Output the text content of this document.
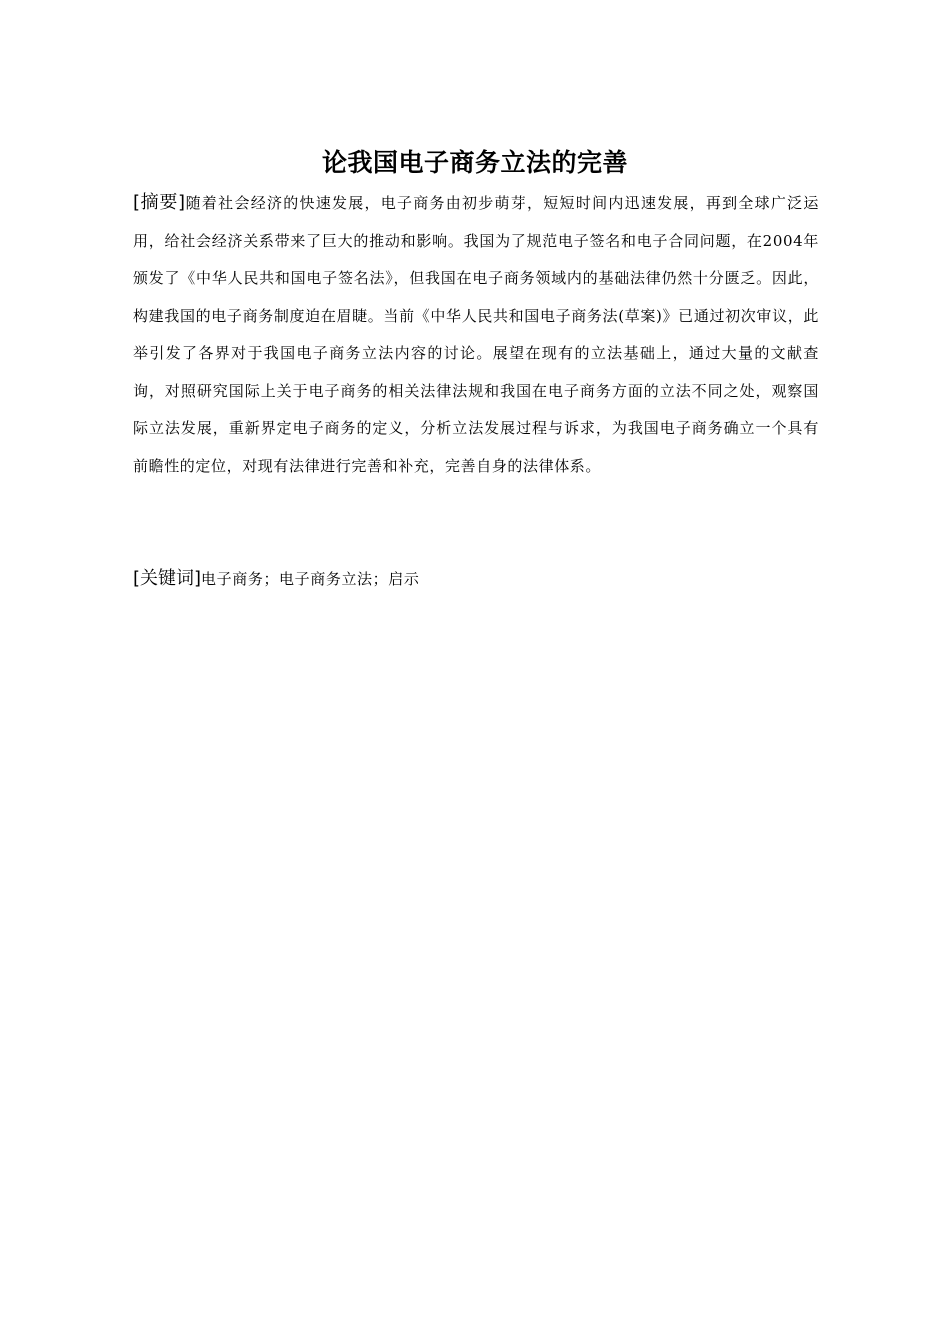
论我国电子商务立法的完善

[摘要]随着社会经济的快速发展，电子商务由初步萌芽，短短时间内迅速发展，再到全球广泛运用，给社会经济关系带来了巨大的推动和影响。我国为了规范电子签名和电子合同问题，在2004年颁发了《中华人民共和国电子签名法》，但我国在电子商务领域内的基础法律仍然十分匮乏。因此，构建我国的电子商务制度迫在眉睫。当前《中华人民共和国电子商务法(草案)》已通过初次审议，此举引发了各界对于我国电子商务立法内容的讨论。展望在现有的立法基础上，通过大量的文献查询，对照研究国际上关于电子商务的相关法律法规和我国在电子商务方面的立法不同之处，观察国际立法发展，重新界定电子商务的定义，分析立法发展过程与诉求，为我国电子商务确立一个具有前瞻性的定位，对现有法律进行完善和补充，完善自身的法律体系。

[关键词]电子商务；电子商务立法；启示
